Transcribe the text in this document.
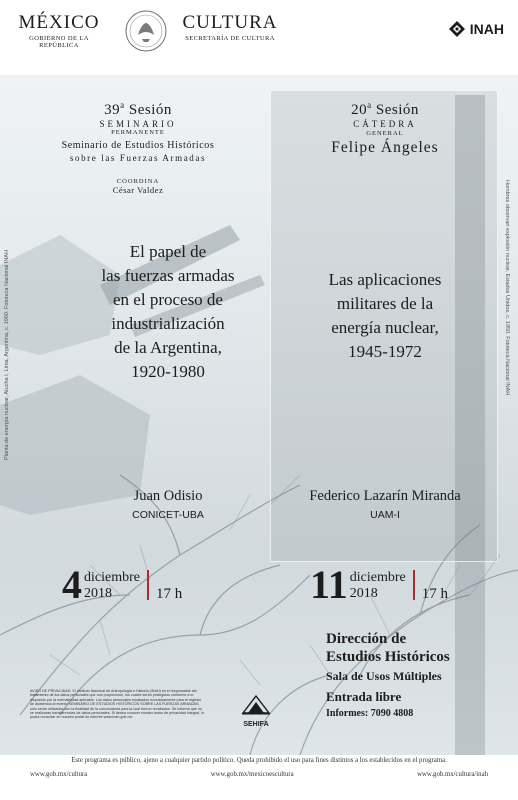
MÉXICO
GOBIERNO DE LA REPÚBLICA
CULTURA
SECRETARÍA DE CULTURA
INAH
39$^a$ Sesión
SEMINARIO
PERMANENTE
Seminario de Estudios Históricos
sobre las Fuerzas Armadas
COORDINA
César Valdez
El papel de
las fuerzas armadas
en el proceso de
industrialización
de la Argentina,
1920-1980
Planta de energía nuclear, Atucha I, Lima, Argentina, c. 1960. Fototeca Nacional INAH
Juan Odisio
CONICET-UBA
4 diciembre
2018	17 h
20$^a$ Sesión
CÁTEDRA
GENERAL
Felipe Ángeles
Las aplicaciones
militares de la
energía nuclear,
1945-1972	Hombres observan explosión nuclear, Estados Unidos, c. 1950. Fototeca Nacional INAH
Federico Lazarín Miranda
UAM-I
11 diciembre
2018	17 h
Dirección de
Estudios Históricos
Sala de Usos Múltiples
Entrada libre
Informes: 7090 4808
AVISO DE PRIVACIDAD. El Instituto Nacional de Antropología e Historia (INAH) es el responsable del tratamiento de los datos personales que nos proporcione, los cuales serán protegidos conforme a lo dispuesto por la normatividad aplicable. Los datos personales recabados exclusivamente para el registro de asistencia al evento SEMINARIO DE ESTUDIOS HISTÓRICOS SOBRE LAS FUERZAS ARMADAS, sólo serán utilizados con la finalidad de la convocatoria para la cual fueron recabados. Se informa que no se realizarán transferencias de datos personales. Si desea conocer nuestro aviso de privacidad integral, lo podrá consultar en nuestro portal de internet www.inah.gob.mx
SEHIFA
Este programa es público, ajeno a cualquier partido político. Queda prohibido el uso para fines distintos a los establecidos en el programa.
www.gob.mx/cultura	www.gob.mx/mexicoescultura	www.gob.mx/cultura/inah
